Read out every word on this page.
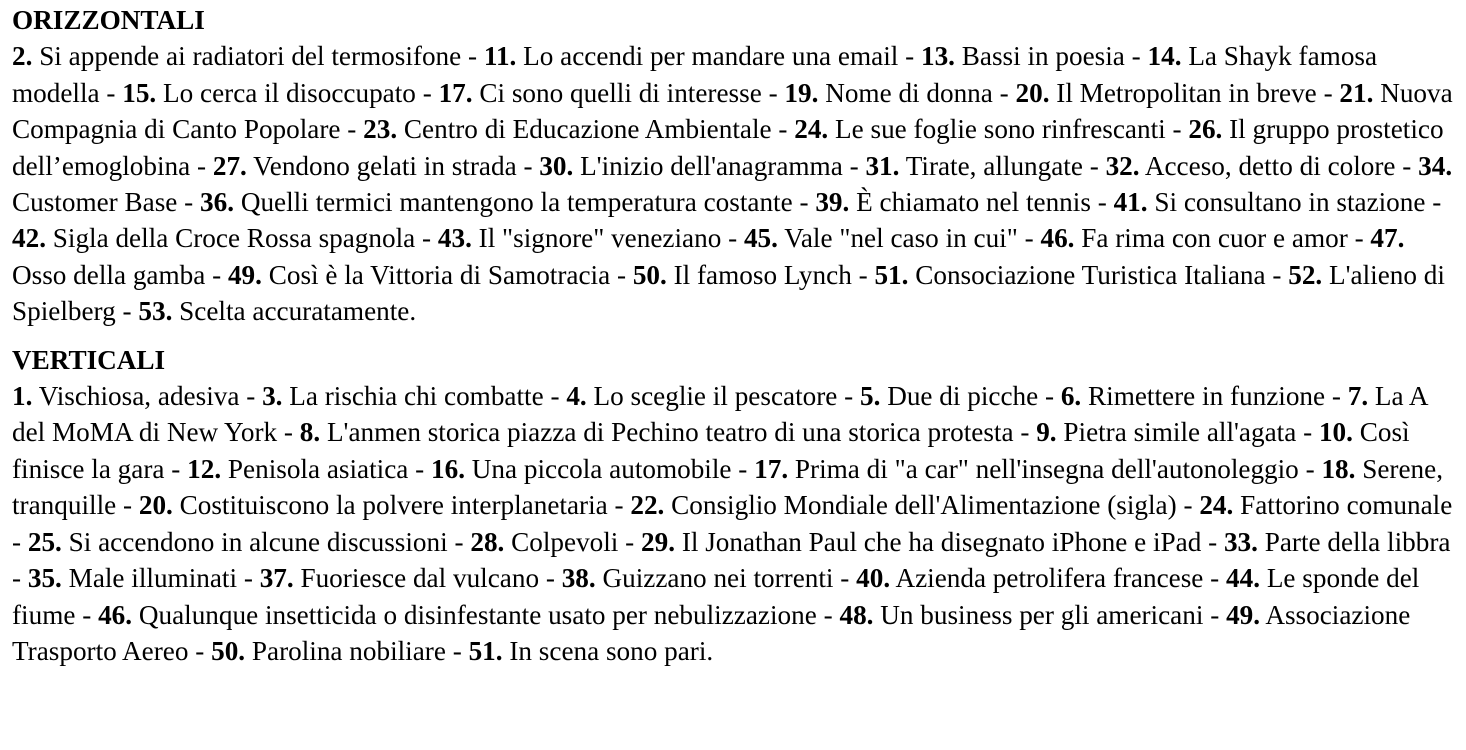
ORIZZONTALI
2. Si appende ai radiatori del termosifone - 11. Lo accendi per mandare una email - 13. Bassi in poesia - 14. La Shayk famosa modella - 15. Lo cerca il disoccupato - 17. Ci sono quelli di interesse - 19. Nome di donna - 20. Il Metropolitan in breve - 21. Nuova Compagnia di Canto Popolare - 23. Centro di Educazione Ambientale - 24. Le sue foglie sono rinfrescanti - 26. Il gruppo prostetico dell’emoglobina - 27. Vendono gelati in strada - 30. L'inizio dell'anagramma - 31. Tirate, allungate - 32. Acceso, detto di colore - 34. Customer Base - 36. Quelli termici mantengono la temperatura costante - 39. È chiamato nel tennis - 41. Si consultano in stazione - 42. Sigla della Croce Rossa spagnola - 43. Il "signore" veneziano - 45. Vale "nel caso in cui" - 46. Fa rima con cuor e amor - 47. Osso della gamba - 49. Così è la Vittoria di Samotracia - 50. Il famoso Lynch - 51. Consociazione Turistica Italiana - 52. L'alieno di Spielberg - 53. Scelta accuratamente.
VERTICALI
1. Vischiosa, adesiva - 3. La rischia chi combatte - 4. Lo sceglie il pescatore - 5. Due di picche - 6. Rimettere in funzione - 7. La A del MoMA di New York - 8. L'anmen storica piazza di Pechino teatro di una storica protesta - 9. Pietra simile all'agata - 10. Così finisce la gara - 12. Penisola asiatica - 16. Una piccola automobile - 17. Prima di "a car" nell'insegna dell'autonoleggio - 18. Serene, tranquille - 20. Costituiscono la polvere interplanetaria - 22. Consiglio Mondiale dell'Alimentazione (sigla) - 24. Fattorino comunale - 25. Si accendono in alcune discussioni - 28. Colpevoli - 29. Il Jonathan Paul che ha disegnato iPhone e iPad - 33. Parte della libbra - 35. Male illuminati - 37. Fuoriesce dal vulcano - 38. Guizzano nei torrenti - 40. Azienda petrolifera francese - 44. Le sponde del fiume - 46. Qualunque insetticida o disinfestante usato per nebulizzazione - 48. Un business per gli americani - 49. Associazione Trasporto Aereo - 50. Parolina nobiliare - 51. In scena sono pari.
